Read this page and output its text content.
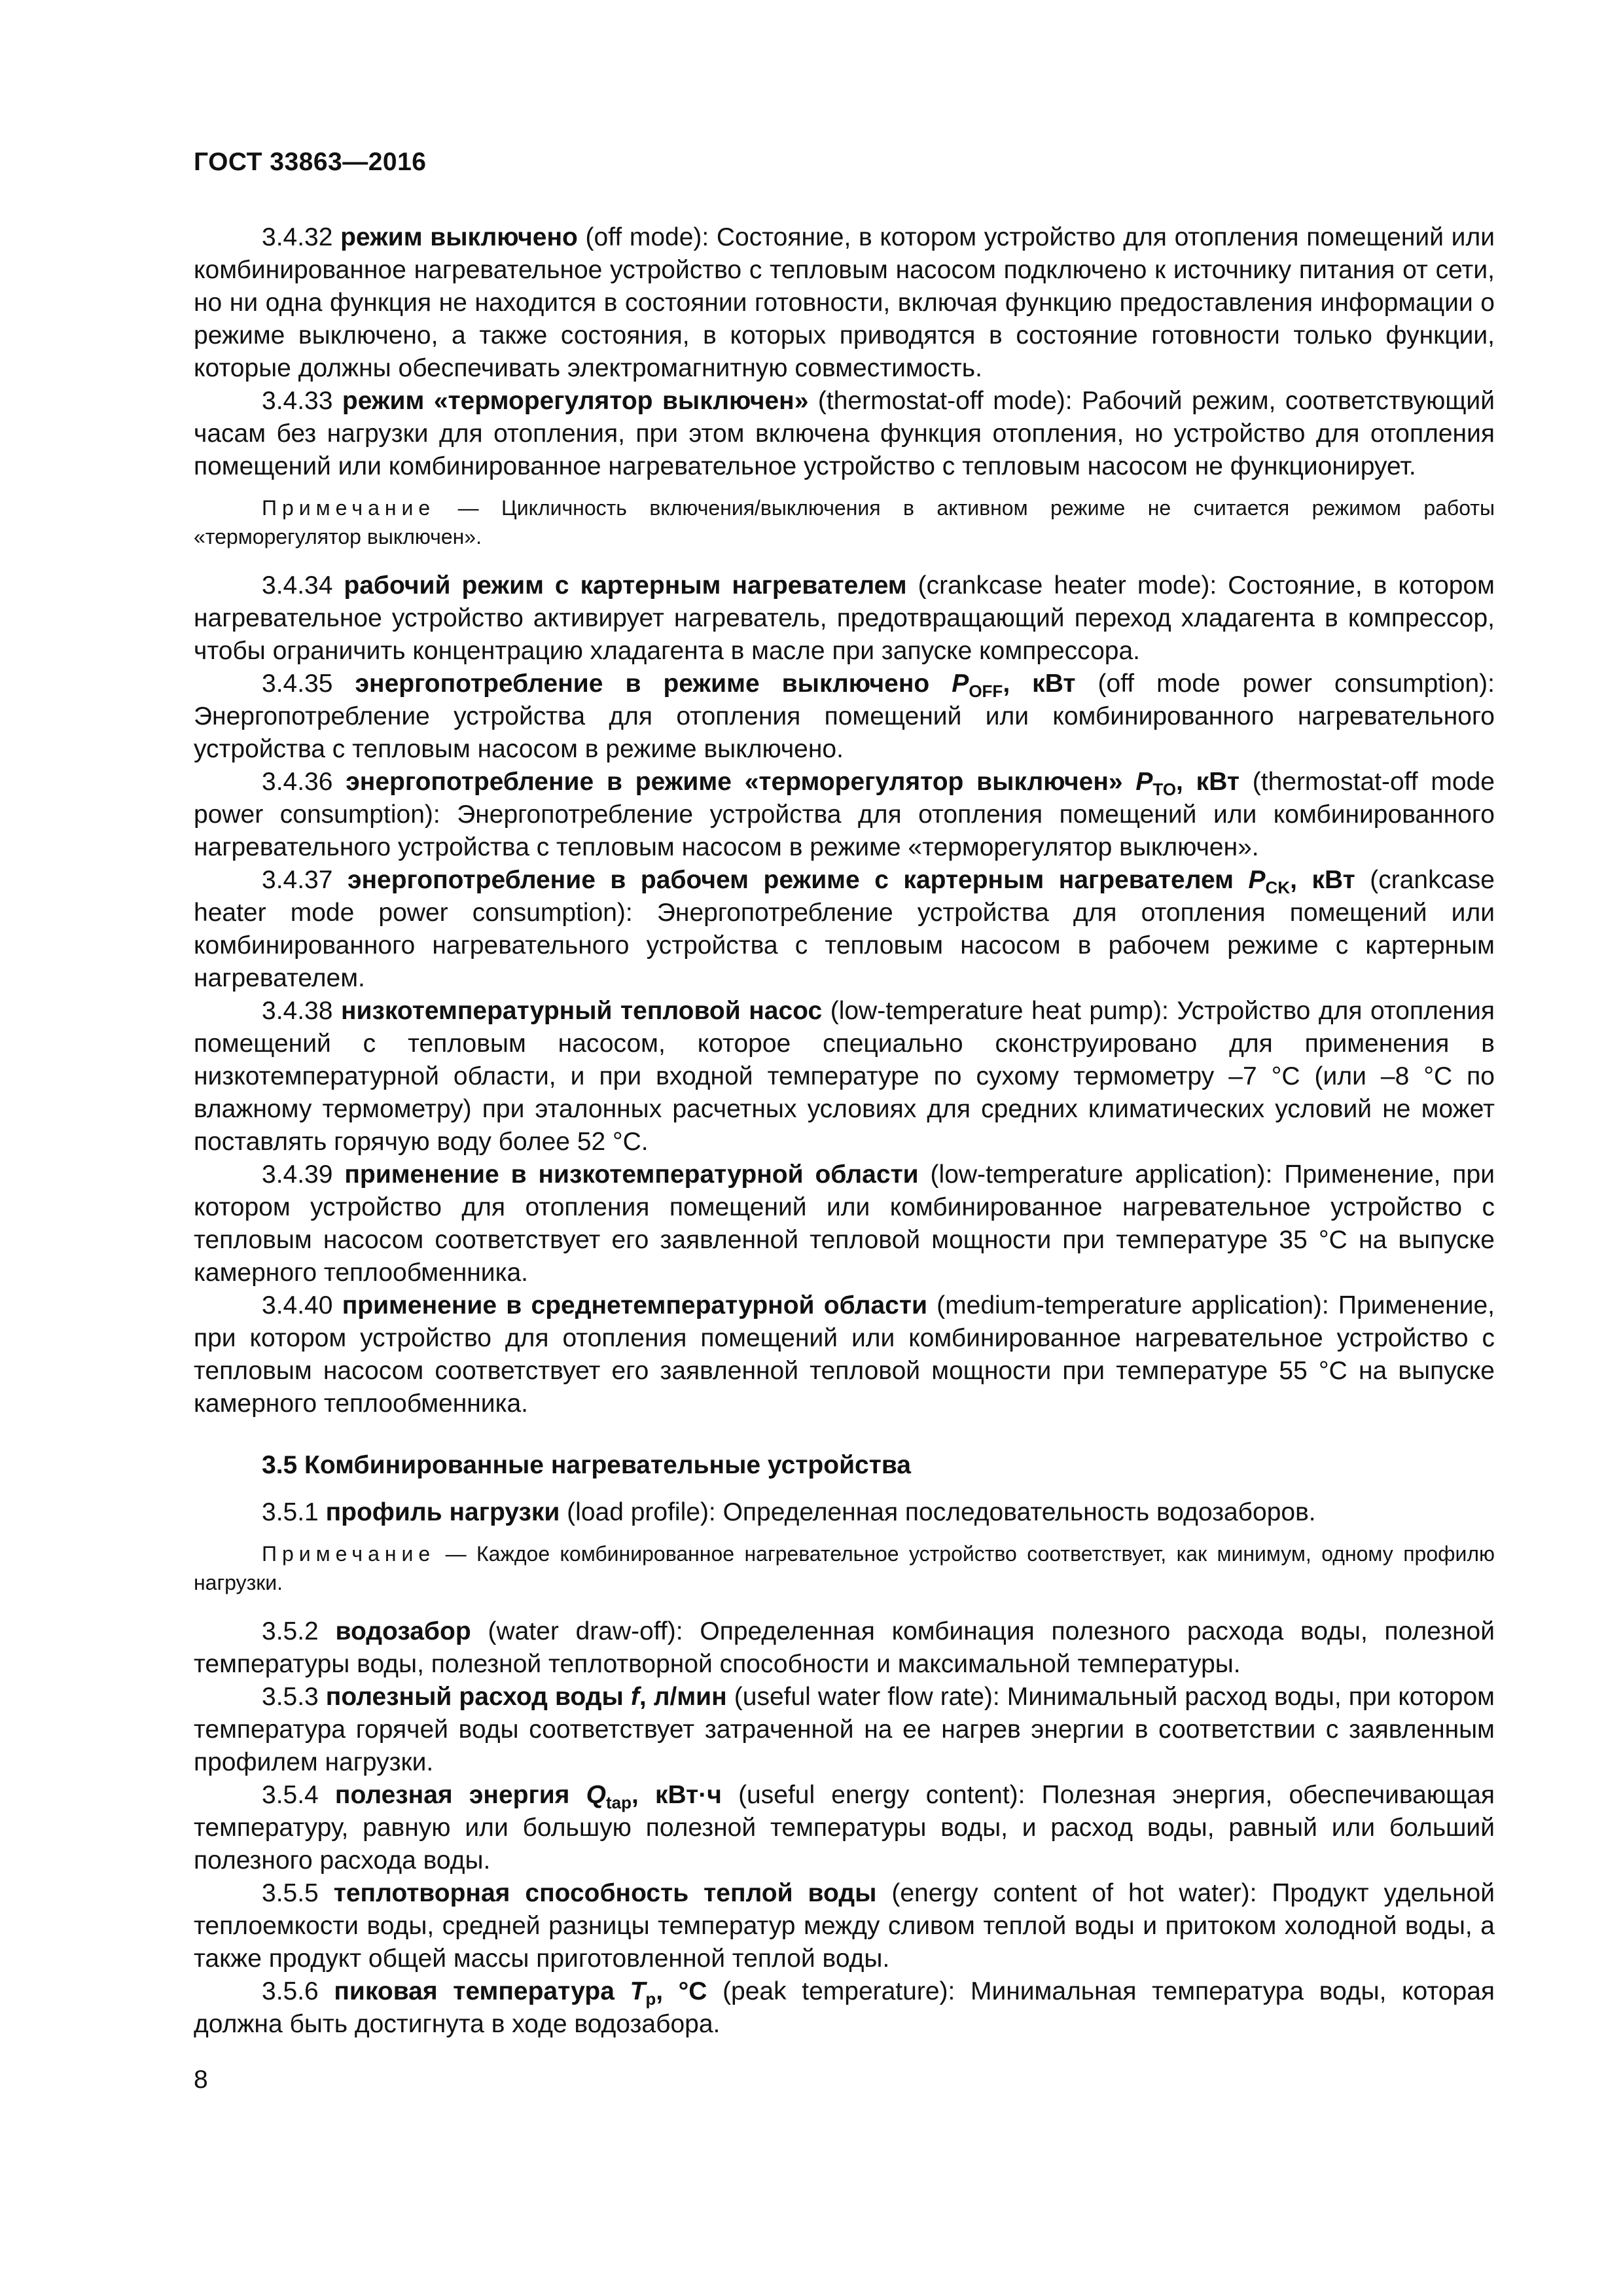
ГОСТ 33863—2016

3.4.32 режим выключено (off mode): Состояние, в котором устройство для отопления помещений или комбинированное нагревательное устройство с тепловым насосом подключено к источнику питания от сети, но ни одна функция не находится в состоянии готовности, включая функцию предоставления информации о режиме выключено, а также состояния, в которых приводятся в состояние готовности только функции, которые должны обеспечивать электромагнитную совместимость.

3.4.33 режим «терморегулятор выключен» (thermostat-off mode): Рабочий режим, соответствующий часам без нагрузки для отопления, при этом включена функция отопления, но устройство для отопления помещений или комбинированное нагревательное устройство с тепловым насосом не функционирует.

Примечание — Цикличность включения/выключения в активном режиме не считается режимом работы «терморегулятор выключен».

3.4.34 рабочий режим с картерным нагревателем (crankcase heater mode): Состояние, в котором нагревательное устройство активирует нагреватель, предотвращающий переход хладагента в компрессор, чтобы ограничить концентрацию хладагента в масле при запуске компрессора.

3.4.35 энергопотребление в режиме выключено $P_{OFF}$, кВт (off mode power consumption): Энергопотребление устройства для отопления помещений или комбинированного нагревательного устройства с тепловым насосом в режиме выключено.

3.4.36 энергопотребление в режиме «терморегулятор выключен» $P_{TO}$, кВт (thermostat-off mode power consumption): Энергопотребление устройства для отопления помещений или комбинированного нагревательного устройства с тепловым насосом в режиме «терморегулятор выключен».

3.4.37 энергопотребление в рабочем режиме с картерным нагревателем $P_{CK}$, кВт (crankcase heater mode power consumption): Энергопотребление устройства для отопления помещений или комбинированного нагревательного устройства с тепловым насосом в рабочем режиме с картерным нагревателем.

3.4.38 низкотемпературный тепловой насос (low-temperature heat pump): Устройство для отопления помещений с тепловым насосом, которое специально сконструировано для применения в низкотемпературной области, и при входной температуре по сухому термометру –7 °С (или –8 °С по влажному термометру) при эталонных расчетных условиях для средних климатических условий не может поставлять горячую воду более 52 °С.

3.4.39 применение в низкотемпературной области (low-temperature application): Применение, при котором устройство для отопления помещений или комбинированное нагревательное устройство с тепловым насосом соответствует его заявленной тепловой мощности при температуре 35 °С на выпуске камерного теплообменника.

3.4.40 применение в среднетемпературной области (medium-temperature application): Применение, при котором устройство для отопления помещений или комбинированное нагревательное устройство с тепловым насосом соответствует его заявленной тепловой мощности при температуре 55 °С на выпуске камерного теплообменника.

3.5 Комбинированные нагревательные устройства

3.5.1 профиль нагрузки (load profile): Определенная последовательность водозаборов.

Примечание — Каждое комбинированное нагревательное устройство соответствует, как минимум, одному профилю нагрузки.

3.5.2 водозабор (water draw-off): Определенная комбинация полезного расхода воды, полезной температуры воды, полезной теплотворной способности и максимальной температуры.

3.5.3 полезный расход воды f, л/мин (useful water flow rate): Минимальный расход воды, при котором температура горячей воды соответствует затраченной на ее нагрев энергии в соответствии с заявленным профилем нагрузки.

3.5.4 полезная энергия $Q_{tap}$, кВт·ч (useful energy content): Полезная энергия, обеспечивающая температуру, равную или большую полезной температуры воды, и расход воды, равный или больший полезного расхода воды.

3.5.5 теплотворная способность теплой воды (energy content of hot water): Продукт удельной теплоемкости воды, средней разницы температур между сливом теплой воды и притоком холодной воды, а также продукт общей массы приготовленной теплой воды.

3.5.6 пиковая температура $T_p$, °С (peak temperature): Минимальная температура воды, которая должна быть достигнута в ходе водозабора.

8
